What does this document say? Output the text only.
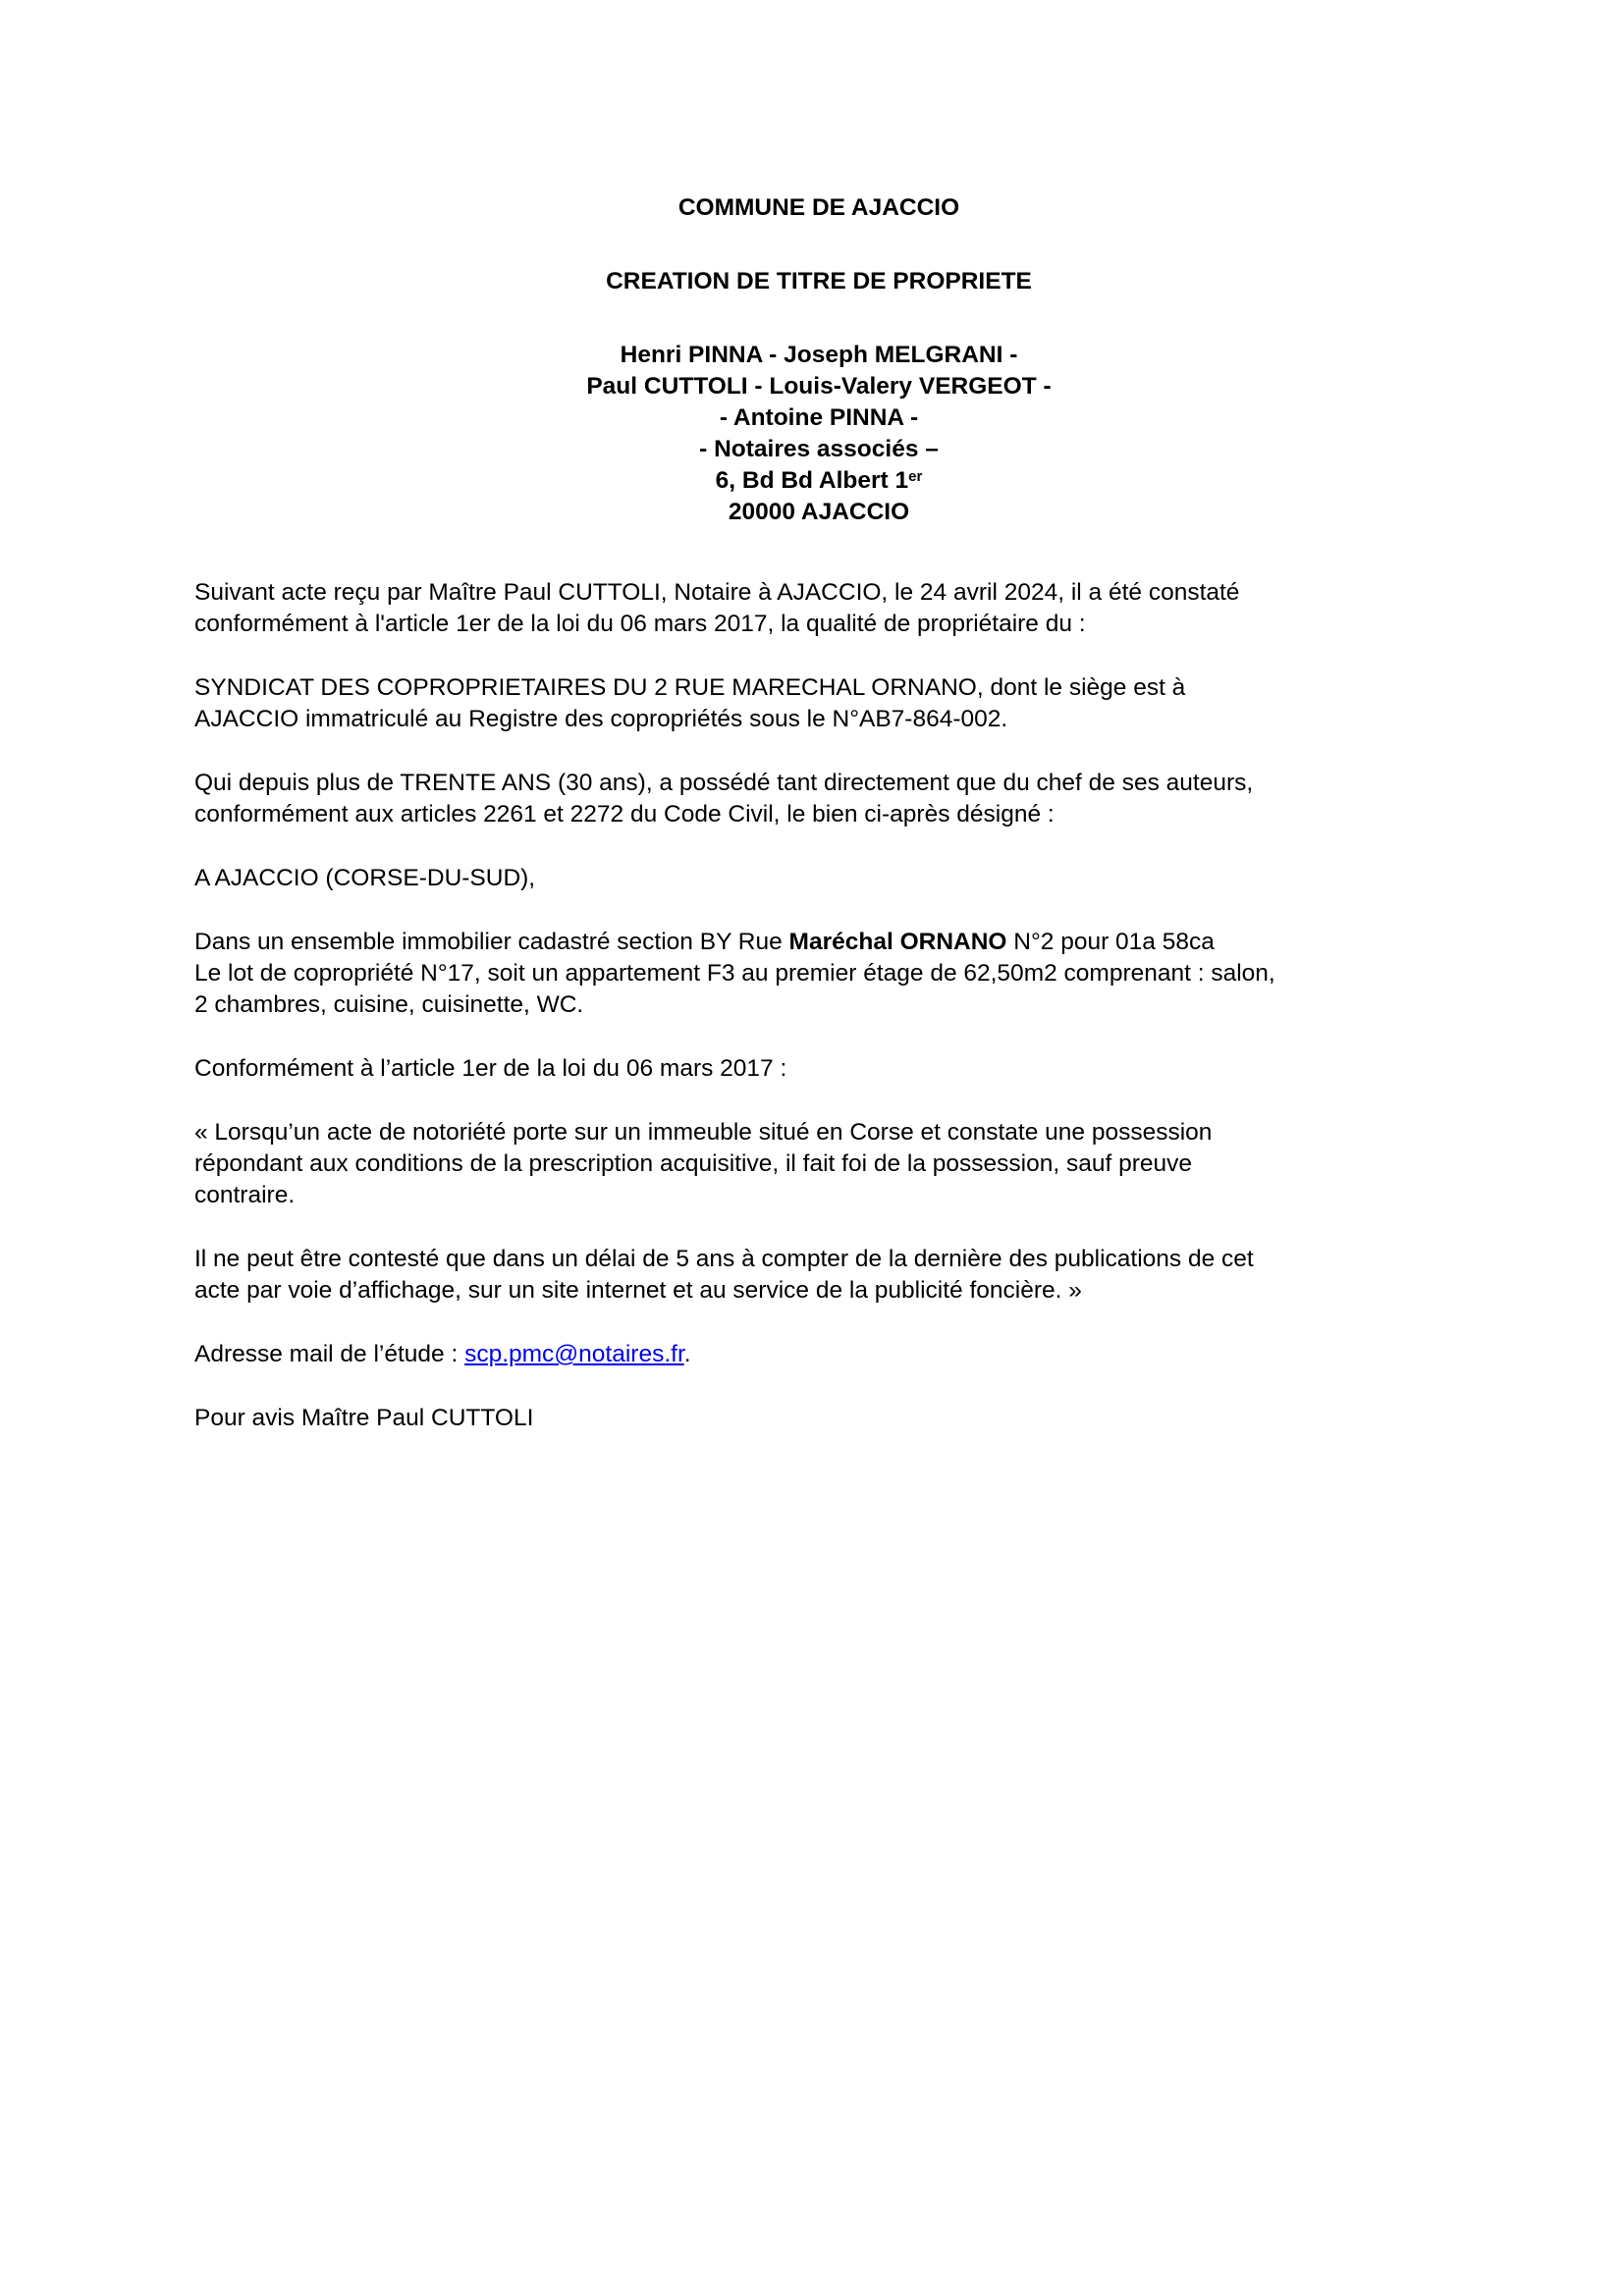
COMMUNE DE AJACCIO
CREATION DE TITRE DE PROPRIETE
Henri PINNA - Joseph MELGRANI -
Paul CUTTOLI - Louis-Valery VERGEOT -
- Antoine PINNA -
- Notaires associés –
6, Bd Bd Albert 1er
20000 AJACCIO

Suivant acte reçu par Maître Paul CUTTOLI, Notaire à AJACCIO, le 24 avril 2024, il a été constaté
conformément à l'article 1er de la loi du 06 mars 2017, la qualité de propriétaire du :

SYNDICAT DES COPROPRIETAIRES DU 2 RUE MARECHAL ORNANO, dont le siège est à
AJACCIO immatriculé au Registre des copropriétés sous le N°AB7-864-002.

Qui depuis plus de TRENTE ANS (30 ans), a possédé tant directement que du chef de ses auteurs,
conformément aux articles 2261 et 2272 du Code Civil, le bien ci-après désigné :

A AJACCIO (CORSE-DU-SUD),

Dans un ensemble immobilier cadastré section BY Rue Maréchal ORNANO N°2 pour 01a 58ca
Le lot de copropriété N°17, soit un appartement F3 au premier étage de 62,50m2 comprenant : salon,
2 chambres, cuisine, cuisinette, WC.

Conformément à l’article 1er de la loi du 06 mars 2017 :

« Lorsqu’un acte de notoriété porte sur un immeuble situé en Corse et constate une possession
répondant aux conditions de la prescription acquisitive, il fait foi de la possession, sauf preuve
contraire.

Il ne peut être contesté que dans un délai de 5 ans à compter de la dernière des publications de cet
acte par voie d’affichage, sur un site internet et au service de la publicité foncière. »

Adresse mail de l’étude : scp.pmc@notaires.fr.

Pour avis Maître Paul CUTTOLI
